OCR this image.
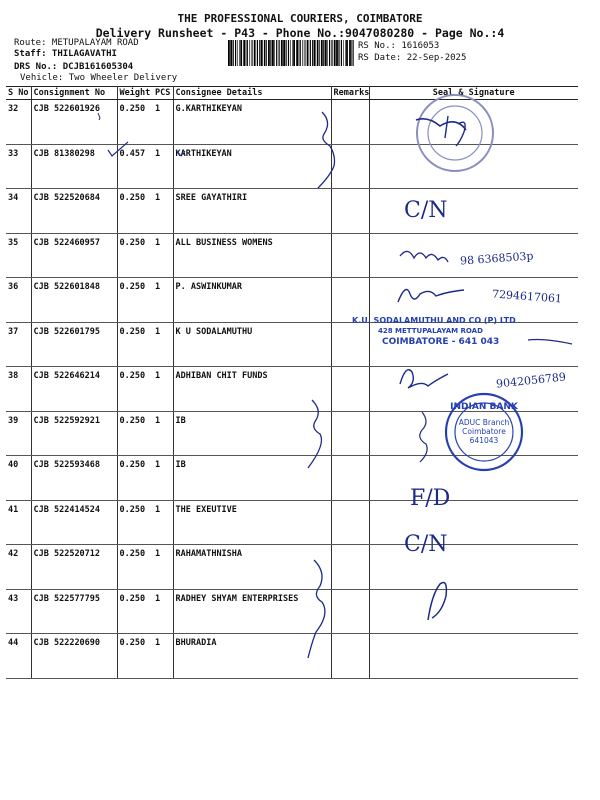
THE PROFESSIONAL COURIERS, COIMBATORE
Delivery Runsheet - P43 - Phone No.:9047080280 - Page No.:4
Route: METUPALAYAM ROAD
Staff: THILAGAVATHI
DRS No.: DCJB161605304
Vehicle: Two Wheeler Delivery
RS No.: 1616053
RS Date: 22-Sep-2025
S No	Consignment No	Weight	PCS	Consignee Details	Remarks	Seal & Signature
32	CJB 522601926	0.250	1	G.KARTHIKEYAN		
33	CJB 81380298	0.457	1	KARTHIKEYAN		
34	CJB 522520684	0.250	1	SREE GAYATHIRI		
35	CJB 522460957	0.250	1	ALL BUSINESS WOMENS		
36	CJB 522601848	0.250	1	P. ASWINKUMAR		
37	CJB 522601795	0.250	1	K U SODALAMUTHU		
38	CJB 522646214	0.250	1	ADHIBAN CHIT FUNDS		
39	CJB 522592921	0.250	1	IB		
40	CJB 522593468	0.250	1	IB		
41	CJB 522414524	0.250	1	THE EXEUTIVE		
42	CJB 522520712	0.250	1	RAHAMATHNISHA		
43	CJB 522577795	0.250	1	RADHEY SHYAM ENTERPRISES		
44	CJB 522220690	0.250	1	BHURADIA		
C/N
98 6368503p
7294617061
9042056789
F/D
C/N
K.U. SODALAMUTHU AND CO (P) LTD
428 METTUPALAYAM ROAD
COIMBATORE - 641 043
INDIAN BANK
ADUC Branch
Coimbatore
641043
